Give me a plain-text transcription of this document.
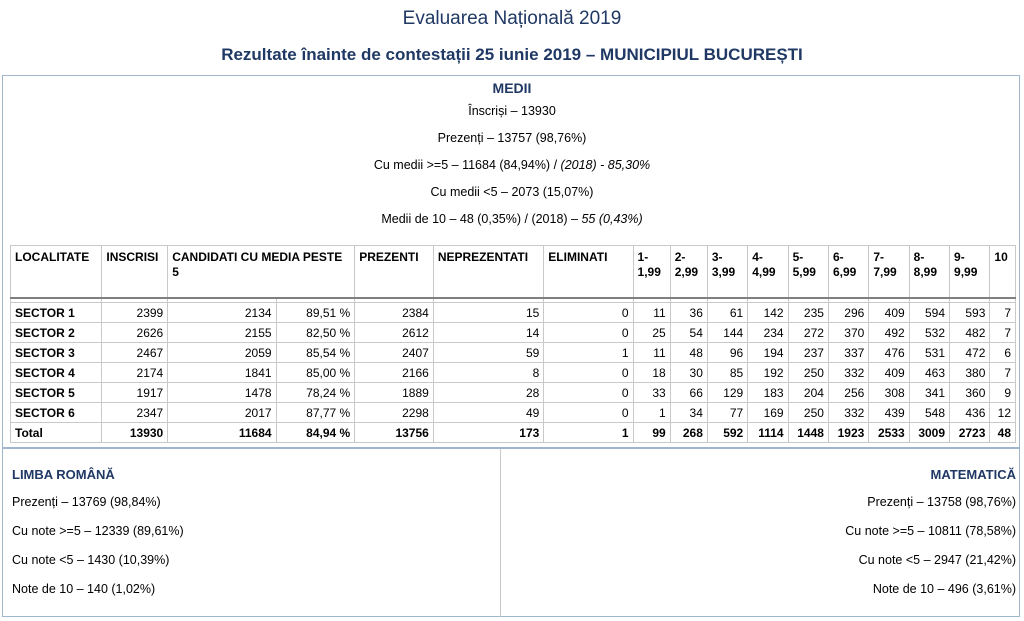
Evaluarea Națională 2019
Rezultate înainte de contestații 25 iunie 2019 – MUNICIPIUL BUCUREȘTI
MEDII
Înscriși – 13930
Prezenți – 13757 (98,76%)
Cu medii >=5 – 11684 (84,94%) / (2018) - 85,30%
Cu medii <5 – 2073 (15,07%)
Medii de 10 – 48 (0,35%) / (2018) – 55 (0,43%)
LOCALITATE	INSCRISI	CANDIDATI CU MEDIA PESTE 5		PREZENTI	NEPREZENTATI	ELIMINATI	1-1,99	2-2,99	3-3,99	4-4,99	5-5,99	6-6,99	7-7,99	8-8,99	9-9,99	10

SECTOR 1	2399	2134	89,51 %	2384	15	0	11	36	61	142	235	296	409	594	593	7
SECTOR 2	2626	2155	82,50 %	2612	14	0	25	54	144	234	272	370	492	532	482	7
SECTOR 3	2467	2059	85,54 %	2407	59	1	11	48	96	194	237	337	476	531	472	6
SECTOR 4	2174	1841	85,00 %	2166	8	0	18	30	85	192	250	332	409	463	380	7
SECTOR 5	1917	1478	78,24 %	1889	28	0	33	66	129	183	204	256	308	341	360	9
SECTOR 6	2347	2017	87,77 %	2298	49	0	1	34	77	169	250	332	439	548	436	12
Total	13930	11684	84,94 %	13756	173	1	99	268	592	1114	1448	1923	2533	3009	2723	48
LIMBA ROMÂNĂ
Prezenți – 13769 (98,84%)
Cu note >=5 – 12339 (89,61%)
Cu note <5 – 1430 (10,39%)
Note de 10 – 140 (1,02%)
MATEMATICĂ
Prezenți – 13758 (98,76%)
Cu note >=5 – 10811 (78,58%)
Cu note <5 – 2947 (21,42%)
Note de 10 – 496 (3,61%)
